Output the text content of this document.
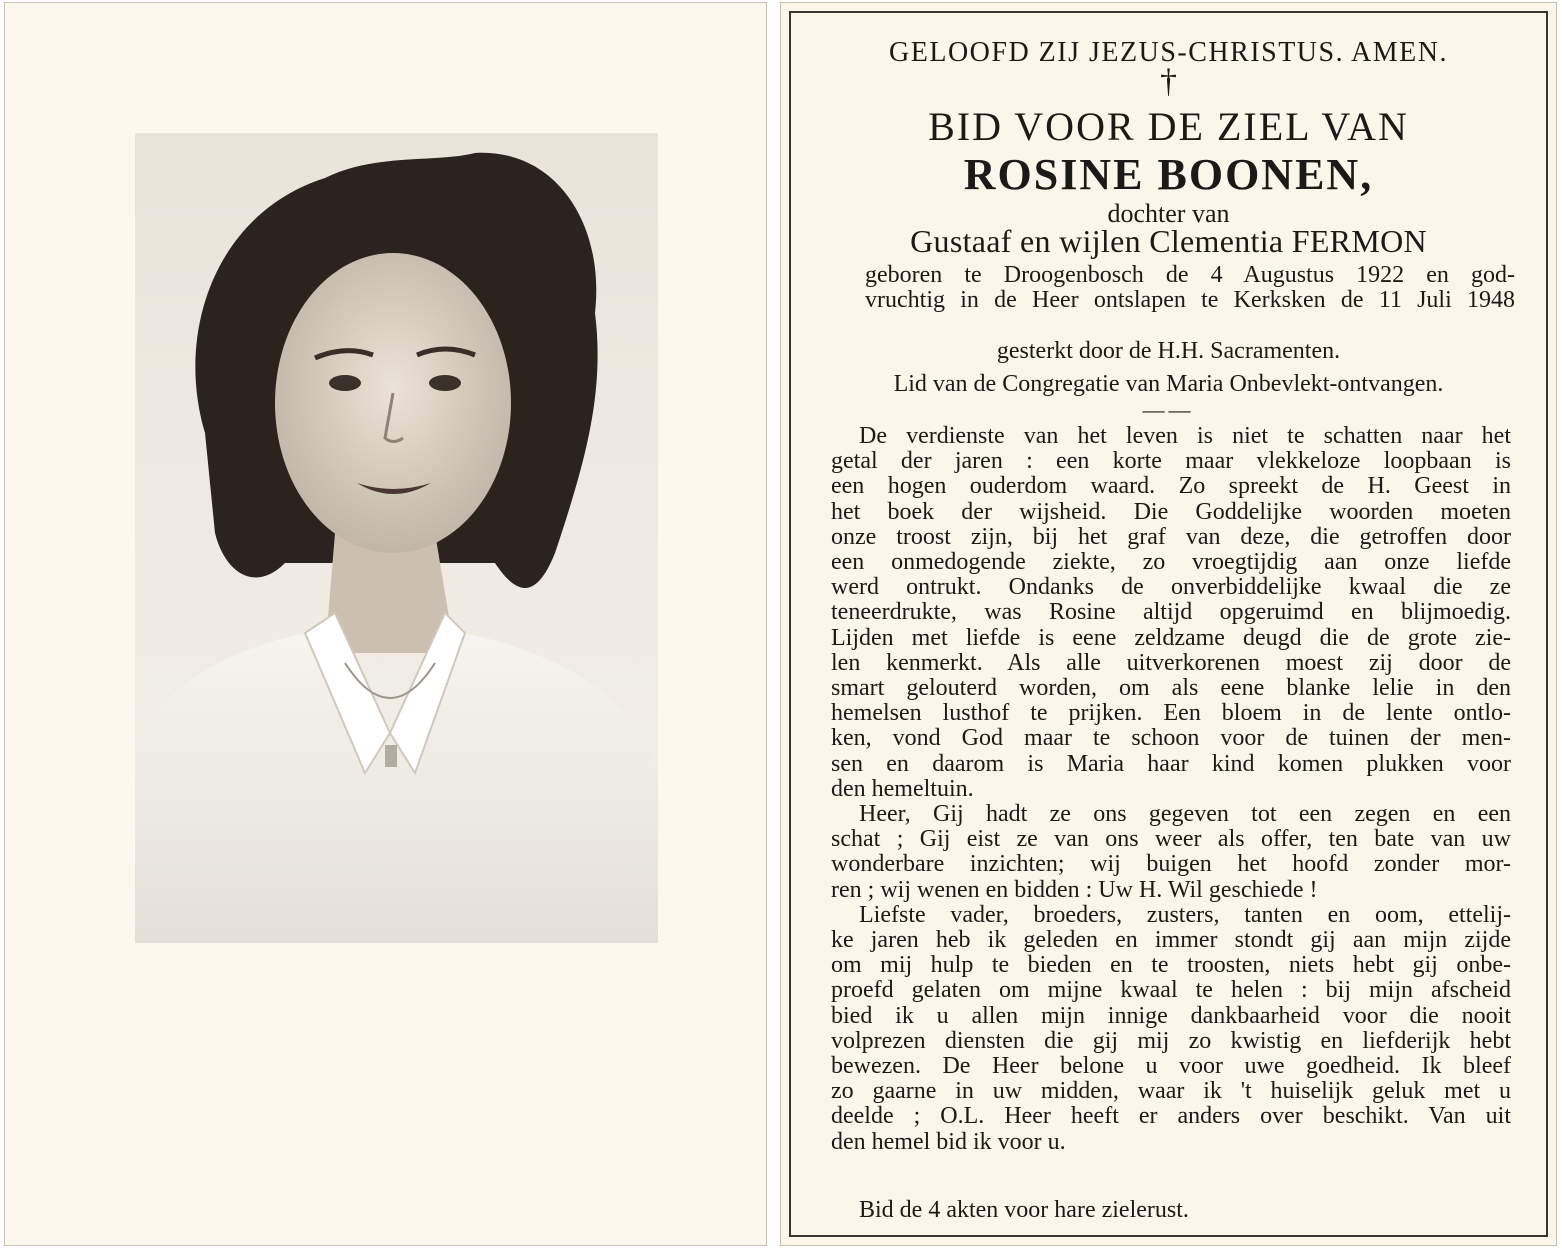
GELOOFD ZIJ JEZUS-CHRISTUS. AMEN.
†
BID VOOR DE ZIEL VAN
ROSINE BOONEN,
dochter van
Gustaaf en wijlen Clementia FERMON
geboren te Droogenbosch de 4 Augustus 1922 en god-
vruchtig in de Heer ontslapen te Kerksken de 11 Juli 1948
gesterkt door de H.H. Sacramenten.
Lid van de Congregatie van Maria Onbevlekt-ontvangen.
——

De verdienste van het leven is niet te schatten naar het

getal der jaren : een korte maar vlekkeloze loopbaan is

een hogen ouderdom waard. Zo spreekt de H. Geest in

het boek der wijsheid. Die Goddelijke woorden moeten

onze troost zijn, bij het graf van deze, die getroffen door

een onmedogende ziekte, zo vroegtijdig aan onze liefde

werd ontrukt. Ondanks de onverbiddelijke kwaal die ze

teneerdrukte, was Rosine altijd opgeruimd en blijmoedig.

Lijden met liefde is eene zeldzame deugd die de grote zie-

len kenmerkt. Als alle uitverkorenen moest zij door de

smart gelouterd worden, om als eene blanke lelie in den

hemelsen lusthof te prijken. Een bloem in de lente ontlo-

ken, vond God maar te schoon voor de tuinen der men-

sen en daarom is Maria haar kind komen plukken voor

den hemeltuin.

Heer, Gij hadt ze ons gegeven tot een zegen en een

schat ; Gij eist ze van ons weer als offer, ten bate van uw

wonderbare inzichten; wij buigen het hoofd zonder mor-

ren ; wij wenen en bidden : Uw H. Wil geschiede !

Liefste vader, broeders, zusters, tanten en oom, ettelij-

ke jaren heb ik geleden en immer stondt gij aan mijn zijde

om mij hulp te bieden en te troosten, niets hebt gij onbe-

proefd gelaten om mijne kwaal te helen : bij mijn afscheid

bied ik u allen mijn innige dankbaarheid voor die nooit

volprezen diensten die gij mij zo kwistig en liefderijk hebt

bewezen. De Heer belone u voor uwe goedheid. Ik bleef

zo gaarne in uw midden, waar ik 't huiselijk geluk met u

deelde ; O.L. Heer heeft er anders over beschikt. Van uit

den hemel bid ik voor u.

Bid de 4 akten voor hare zielerust.
